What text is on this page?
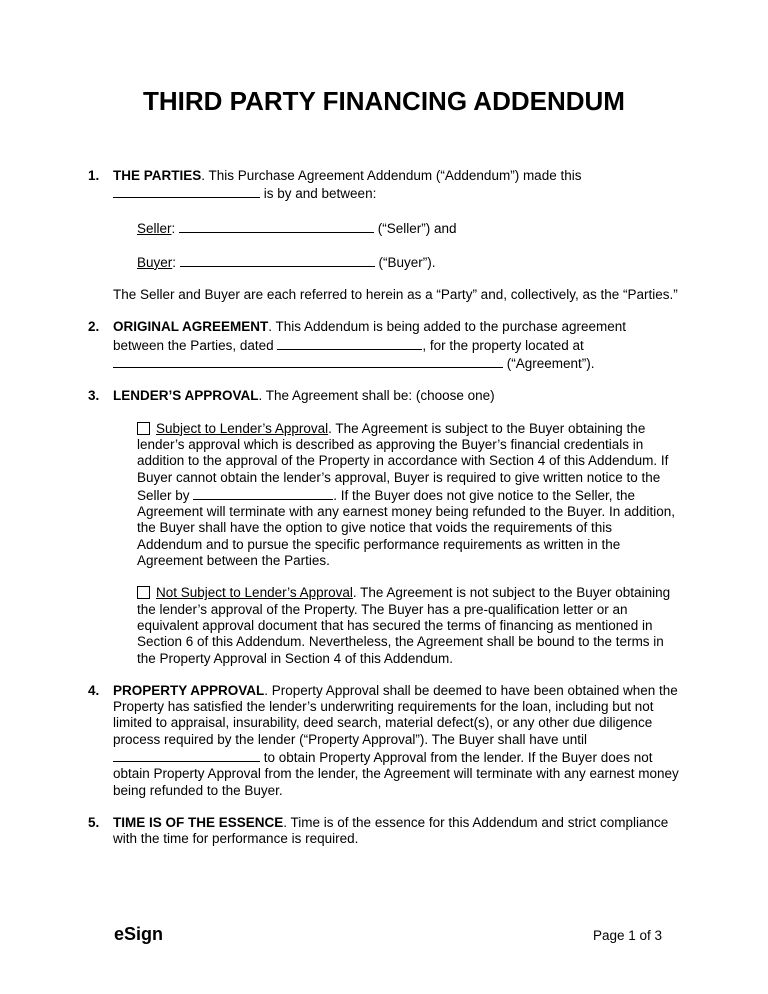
THIRD PARTY FINANCING ADDENDUM
1.	THE PARTIES. This Purchase Agreement Addendum (“Addendum”) made this  is by and between:

Seller:	(“Seller”) and

Buyer:	(“Buyer”).

The Seller and Buyer are each referred to herein as a “Party” and, collectively, as the “Parties.”

2.	ORIGINAL AGREEMENT. This Addendum is being added to the purchase agreement between the Parties, dated	, for the property located at  (“Agreement”).

3.	LENDER’S APPROVAL. The Agreement shall be: (choose one)

Subject to Lender’s Approval. The Agreement is subject to the Buyer obtaining the lender’s approval which is described as approving the Buyer’s financial credentials in addition to the approval of the Property in accordance with Section 4 of this Addendum. If Buyer cannot obtain the lender’s approval, Buyer is required to give written notice to the Seller by	. If the Buyer does not give notice to the Seller, the Agreement will terminate with any earnest money being refunded to the Buyer. In addition, the Buyer shall have the option to give notice that voids the requirements of this Addendum and to pursue the specific performance requirements as written in the Agreement between the Parties.

Not Subject to Lender’s Approval. The Agreement is not subject to the Buyer obtaining the lender’s approval of the Property. The Buyer has a pre-qualification letter or an equivalent approval document that has secured the terms of financing as mentioned in Section 6 of this Addendum. Nevertheless, the Agreement shall be bound to the terms in the Property Approval in Section 4 of this Addendum.

4.	PROPERTY APPROVAL. Property Approval shall be deemed to have been obtained when the Property has satisfied the lender’s underwriting requirements for the loan, including but not limited to appraisal, insurability, deed search, material defect(s), or any other due diligence process required by the lender (“Property Approval”). The Buyer shall have until  to obtain Property Approval from the lender. If the Buyer does not obtain Property Approval from the lender, the Agreement will terminate with any earnest money being refunded to the Buyer.

5.	TIME IS OF THE ESSENCE. Time is of the essence for this Addendum and strict compliance with the time for performance is required.

eSign	Page 1 of 3
